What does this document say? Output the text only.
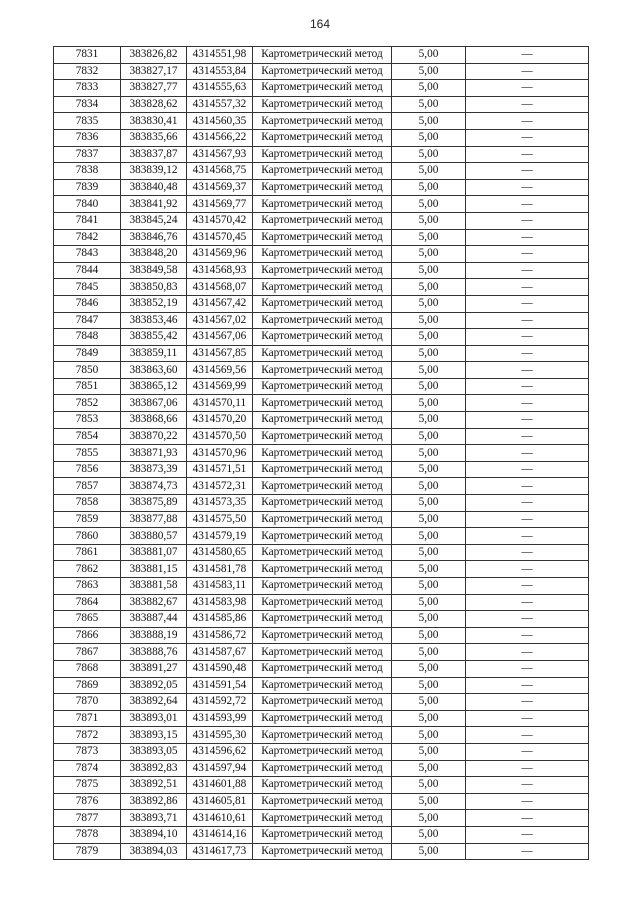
164
7831	383826,82	4314551,98	Картометрический метод	5,00	—
7832	383827,17	4314553,84	Картометрический метод	5,00	—
7833	383827,77	4314555,63	Картометрический метод	5,00	—
7834	383828,62	4314557,32	Картометрический метод	5,00	—
7835	383830,41	4314560,35	Картометрический метод	5,00	—
7836	383835,66	4314566,22	Картометрический метод	5,00	—
7837	383837,87	4314567,93	Картометрический метод	5,00	—
7838	383839,12	4314568,75	Картометрический метод	5,00	—
7839	383840,48	4314569,37	Картометрический метод	5,00	—
7840	383841,92	4314569,77	Картометрический метод	5,00	—
7841	383845,24	4314570,42	Картометрический метод	5,00	—
7842	383846,76	4314570,45	Картометрический метод	5,00	—
7843	383848,20	4314569,96	Картометрический метод	5,00	—
7844	383849,58	4314568,93	Картометрический метод	5,00	—
7845	383850,83	4314568,07	Картометрический метод	5,00	—
7846	383852,19	4314567,42	Картометрический метод	5,00	—
7847	383853,46	4314567,02	Картометрический метод	5,00	—
7848	383855,42	4314567,06	Картометрический метод	5,00	—
7849	383859,11	4314567,85	Картометрический метод	5,00	—
7850	383863,60	4314569,56	Картометрический метод	5,00	—
7851	383865,12	4314569,99	Картометрический метод	5,00	—
7852	383867,06	4314570,11	Картометрический метод	5,00	—
7853	383868,66	4314570,20	Картометрический метод	5,00	—
7854	383870,22	4314570,50	Картометрический метод	5,00	—
7855	383871,93	4314570,96	Картометрический метод	5,00	—
7856	383873,39	4314571,51	Картометрический метод	5,00	—
7857	383874,73	4314572,31	Картометрический метод	5,00	—
7858	383875,89	4314573,35	Картометрический метод	5,00	—
7859	383877,88	4314575,50	Картометрический метод	5,00	—
7860	383880,57	4314579,19	Картометрический метод	5,00	—
7861	383881,07	4314580,65	Картометрический метод	5,00	—
7862	383881,15	4314581,78	Картометрический метод	5,00	—
7863	383881,58	4314583,11	Картометрический метод	5,00	—
7864	383882,67	4314583,98	Картометрический метод	5,00	—
7865	383887,44	4314585,86	Картометрический метод	5,00	—
7866	383888,19	4314586,72	Картометрический метод	5,00	—
7867	383888,76	4314587,67	Картометрический метод	5,00	—
7868	383891,27	4314590,48	Картометрический метод	5,00	—
7869	383892,05	4314591,54	Картометрический метод	5,00	—
7870	383892,64	4314592,72	Картометрический метод	5,00	—
7871	383893,01	4314593,99	Картометрический метод	5,00	—
7872	383893,15	4314595,30	Картометрический метод	5,00	—
7873	383893,05	4314596,62	Картометрический метод	5,00	—
7874	383892,83	4314597,94	Картометрический метод	5,00	—
7875	383892,51	4314601,88	Картометрический метод	5,00	—
7876	383892,86	4314605,81	Картометрический метод	5,00	—
7877	383893,71	4314610,61	Картометрический метод	5,00	—
7878	383894,10	4314614,16	Картометрический метод	5,00	—
7879	383894,03	4314617,73	Картометрический метод	5,00	—
